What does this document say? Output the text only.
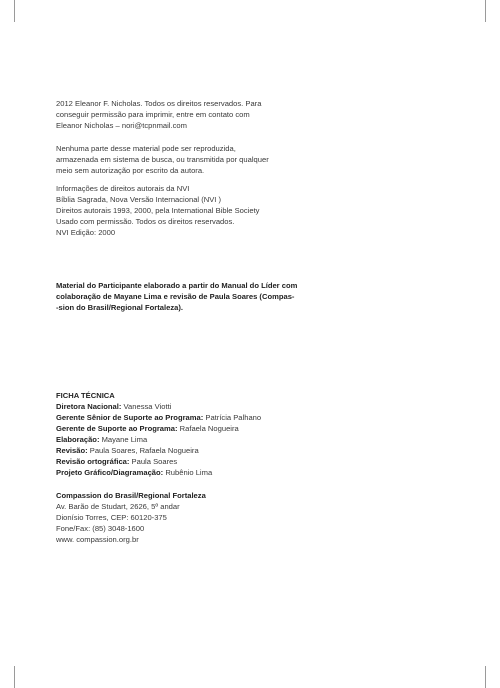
2012 Eleanor F. Nicholas. Todos os direitos reservados. Para
conseguir permissão para imprimir, entre em contato com
Eleanor Nicholas – nori@tcpnmail.com
Nenhuma parte desse material pode ser reproduzida,
armazenada em sistema de busca, ou transmitida por qualquer
meio sem autorização por escrito da autora.
Informações de direitos autorais da NVI
Bíblia Sagrada, Nova Versão Internacional (NVI )
Direitos autorais 1993, 2000, pela International Bible Society
Usado com permissão. Todos os direitos reservados.
NVI Edição: 2000
Material do Participante elaborado a partir do Manual do Líder com
colaboração de Mayane Lima e revisão de Paula Soares (Compas-
-sion do Brasil/Regional Fortaleza).
FICHA TÉCNICA
Diretora Nacional: Vanessa Viotti
Gerente Sênior de Suporte ao Programa: Patrícia Palhano
Gerente de Suporte ao Programa: Rafaela Nogueira
Elaboração: Mayane Lima
Revisão: Paula Soares, Rafaela Nogueira
Revisão ortográfica: Paula Soares
Projeto Gráfico/Diagramação: Rubênio Lima
Compassion do Brasil/Regional Fortaleza
Av. Barão de Studart, 2626, 5º andar
Dionísio Torres, CEP: 60120-375
Fone/Fax: (85) 3048-1600
www. compassion.org.br
